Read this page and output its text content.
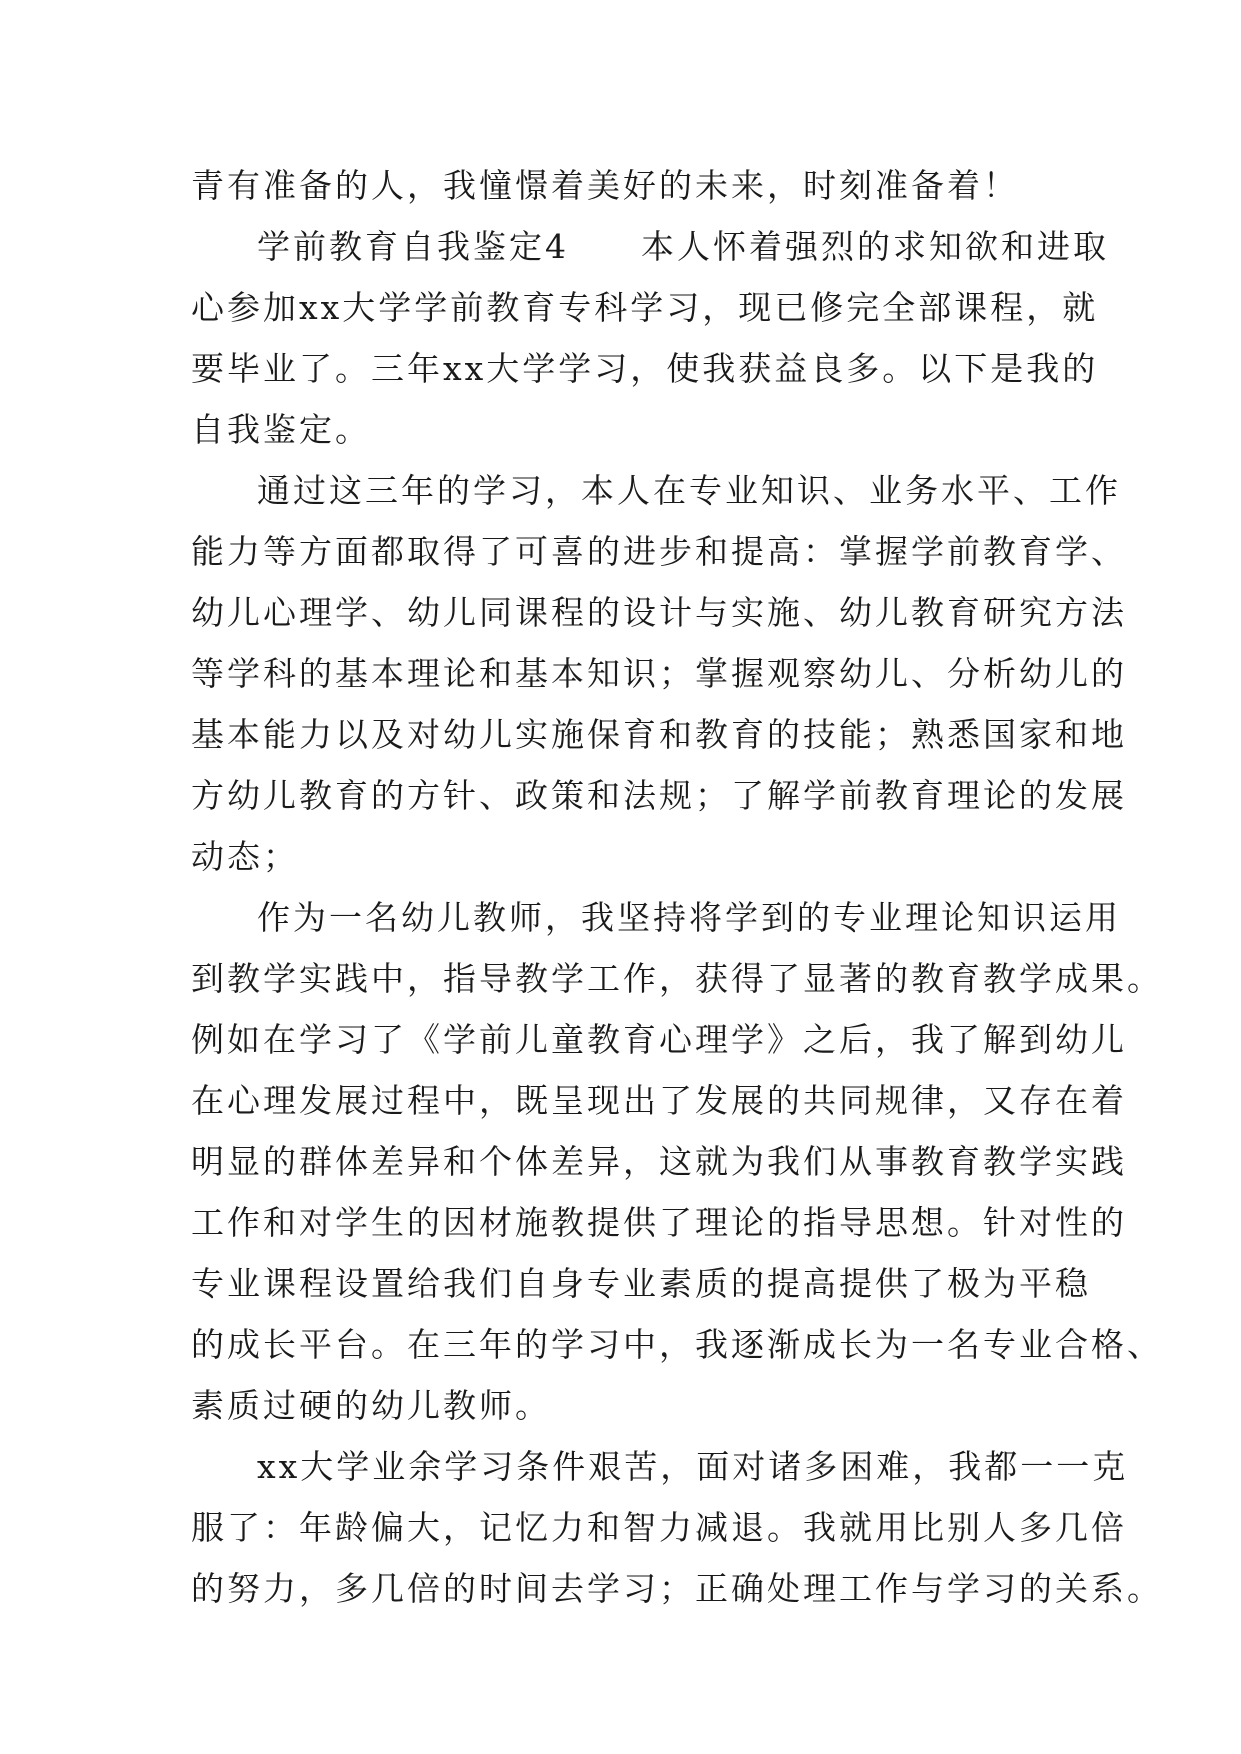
青有准备的人，我憧憬着美好的未来，时刻准备着！
学前教育自我鉴定4　　本人怀着强烈的求知欲和进取
心参加xx大学学前教育专科学习，现已修完全部课程，就
要毕业了。三年xx大学学习，使我获益良多。以下是我的
自我鉴定。
通过这三年的学习，本人在专业知识、业务水平、工作
能力等方面都取得了可喜的进步和提高：掌握学前教育学、
幼儿心理学、幼儿同课程的设计与实施、幼儿教育研究方法
等学科的基本理论和基本知识；掌握观察幼儿、分析幼儿的
基本能力以及对幼儿实施保育和教育的技能；熟悉国家和地
方幼儿教育的方针、政策和法规；了解学前教育理论的发展
动态；
作为一名幼儿教师，我坚持将学到的专业理论知识运用
到教学实践中，指导教学工作，获得了显著的教育教学成果。
例如在学习了《学前儿童教育心理学》之后，我了解到幼儿
在心理发展过程中，既呈现出了发展的共同规律，又存在着
明显的群体差异和个体差异，这就为我们从事教育教学实践
工作和对学生的因材施教提供了理论的指导思想。针对性的
专业课程设置给我们自身专业素质的提高提供了极为平稳
的成长平台。在三年的学习中，我逐渐成长为一名专业合格、
素质过硬的幼儿教师。
xx大学业余学习条件艰苦，面对诸多困难，我都一一克
服了：年龄偏大，记忆力和智力减退。我就用比别人多几倍
的努力，多几倍的时间去学习；正确处理工作与学习的关系。
